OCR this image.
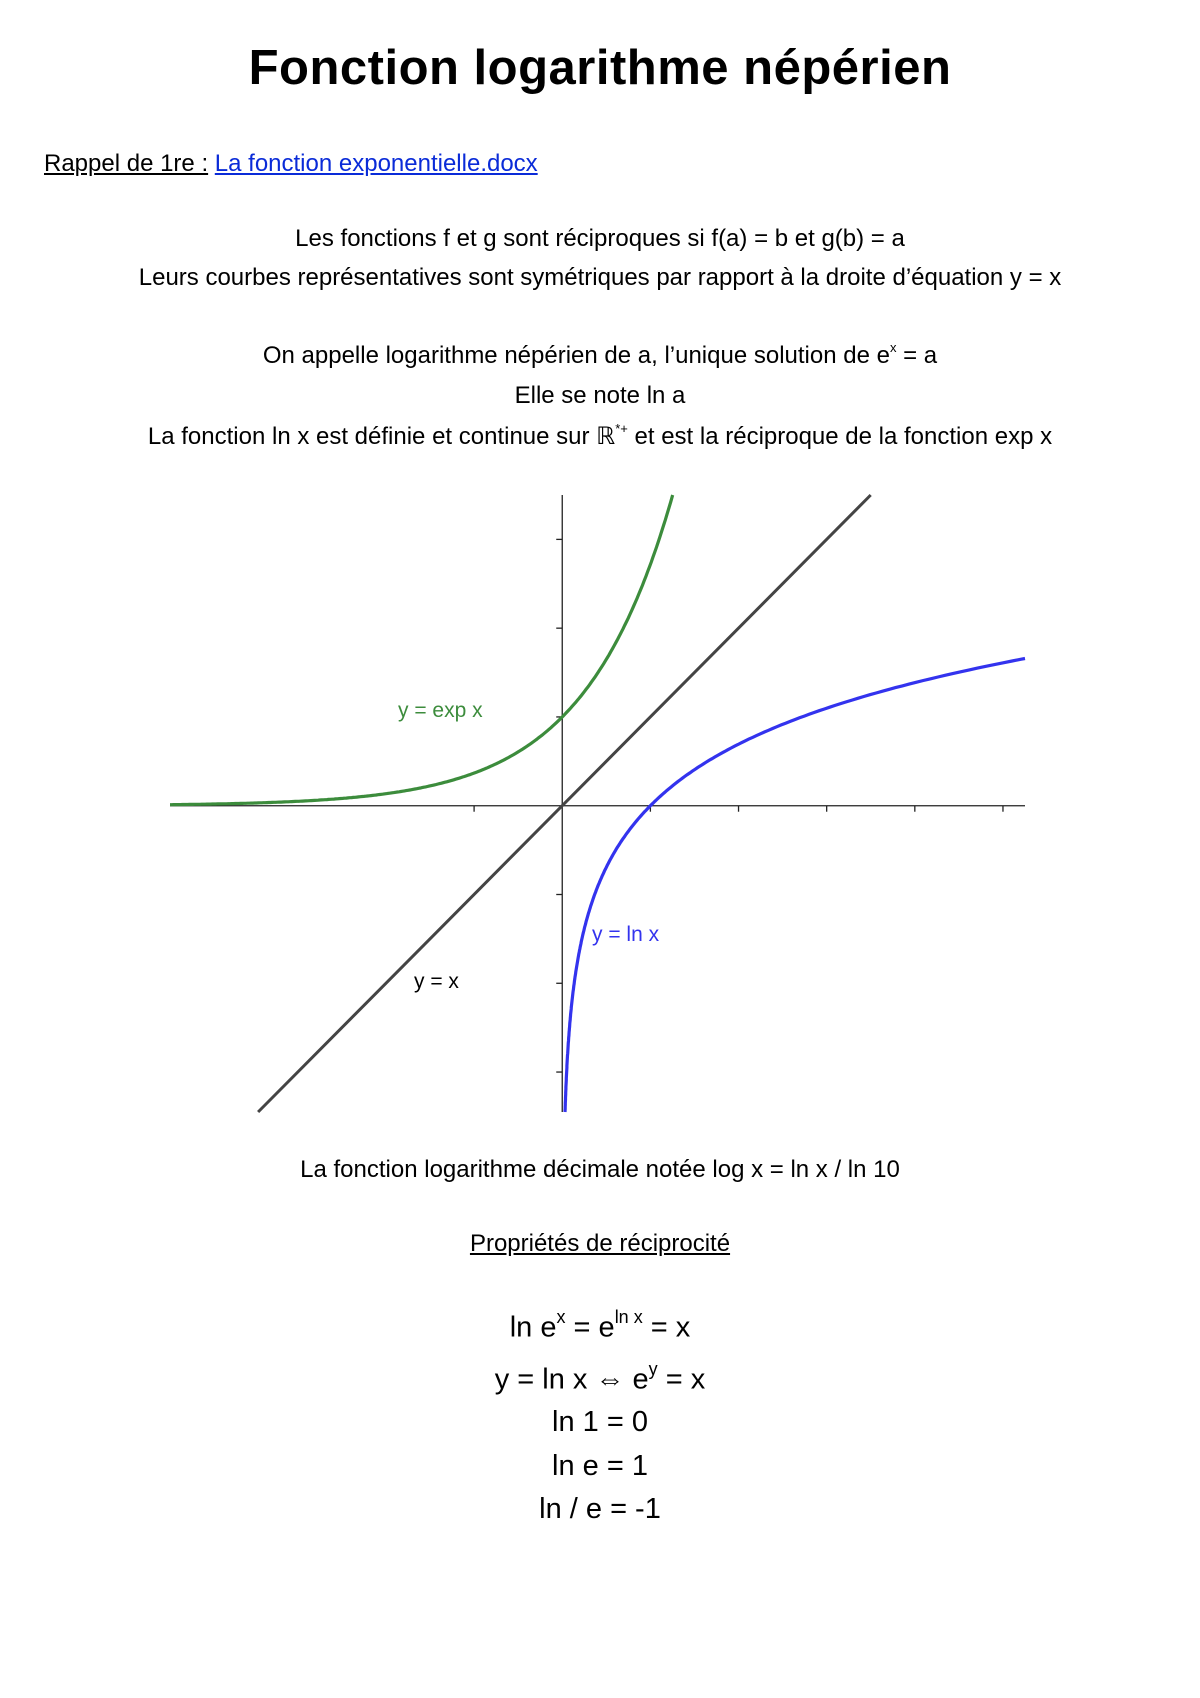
Fonction logarithme népérien
Rappel de 1re : La fonction exponentielle.docx
Les fonctions f et g sont réciproques si f(a) = b et g(b) = a
Leurs courbes représentatives sont symétriques par rapport à la droite d’équation y = x
On appelle logarithme népérien de a, l’unique solution de $e^x = a$
Elle se note ln a
La fonction ln x est définie et continue sur ℝ*+ et est la réciproque de la fonction exp x
y = exp x
y = ln x
y = x
La fonction logarithme décimale notée log x = ln x / ln 10
Propriétés de réciprocité
$\ln e^x = e^{ln x} = x$
y = ln x ⇔ $e^y = x$
ln 1 = 0
ln e = 1
ln / e = -1
